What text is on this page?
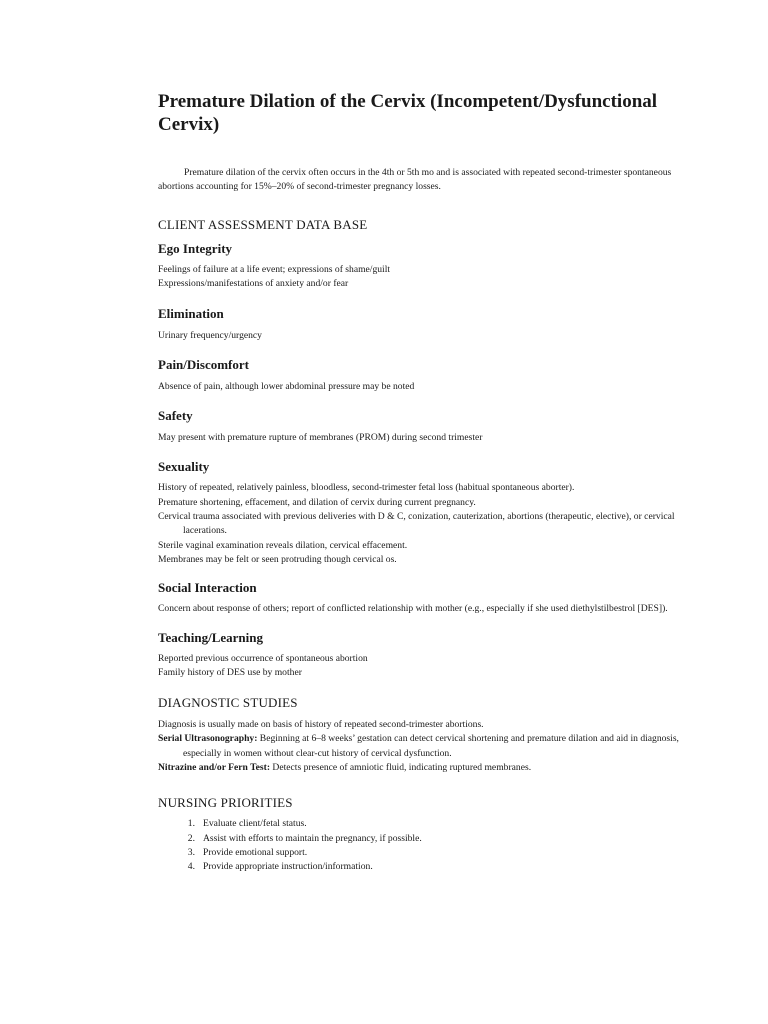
Premature Dilation of the Cervix (Incompetent/Dysfunctional Cervix)

Premature dilation of the cervix often occurs in the 4th or 5th mo and is associated with repeated second-trimester spontaneous abortions accounting for 15%–20% of second-trimester pregnancy losses.

CLIENT ASSESSMENT DATA BASE
Ego Integrity
Feelings of failure at a life event; expressions of shame/guilt
Expressions/manifestations of anxiety and/or fear
Elimination
Urinary frequency/urgency
Pain/Discomfort
Absence of pain, although lower abdominal pressure may be noted
Safety
May present with premature rupture of membranes (PROM) during second trimester
Sexuality
History of repeated, relatively painless, bloodless, second-trimester fetal loss (habitual spontaneous aborter).
Premature shortening, effacement, and dilation of cervix during current pregnancy.
Cervical trauma associated with previous deliveries with D & C, conization, cauterization, abortions (therapeutic, elective), or cervical lacerations.
Sterile vaginal examination reveals dilation, cervical effacement.
Membranes may be felt or seen protruding though cervical os.
Social Interaction
Concern about response of others; report of conflicted relationship with mother (e.g., especially if she used diethylstilbestrol [DES]).
Teaching/Learning
Reported previous occurrence of spontaneous abortion
Family history of DES use by mother
DIAGNOSTIC STUDIES
Diagnosis is usually made on basis of history of repeated second-trimester abortions.
Serial Ultrasonography: Beginning at 6–8 weeks’ gestation can detect cervical shortening and premature dilation and aid in diagnosis, especially in women without clear-cut history of cervical dysfunction.
Nitrazine and/or Fern Test: Detects presence of amniotic fluid, indicating ruptured membranes.
NURSING PRIORITIES
1. Evaluate client/fetal status.
2. Assist with efforts to maintain the pregnancy, if possible.
3. Provide emotional support.
4. Provide appropriate instruction/information.
